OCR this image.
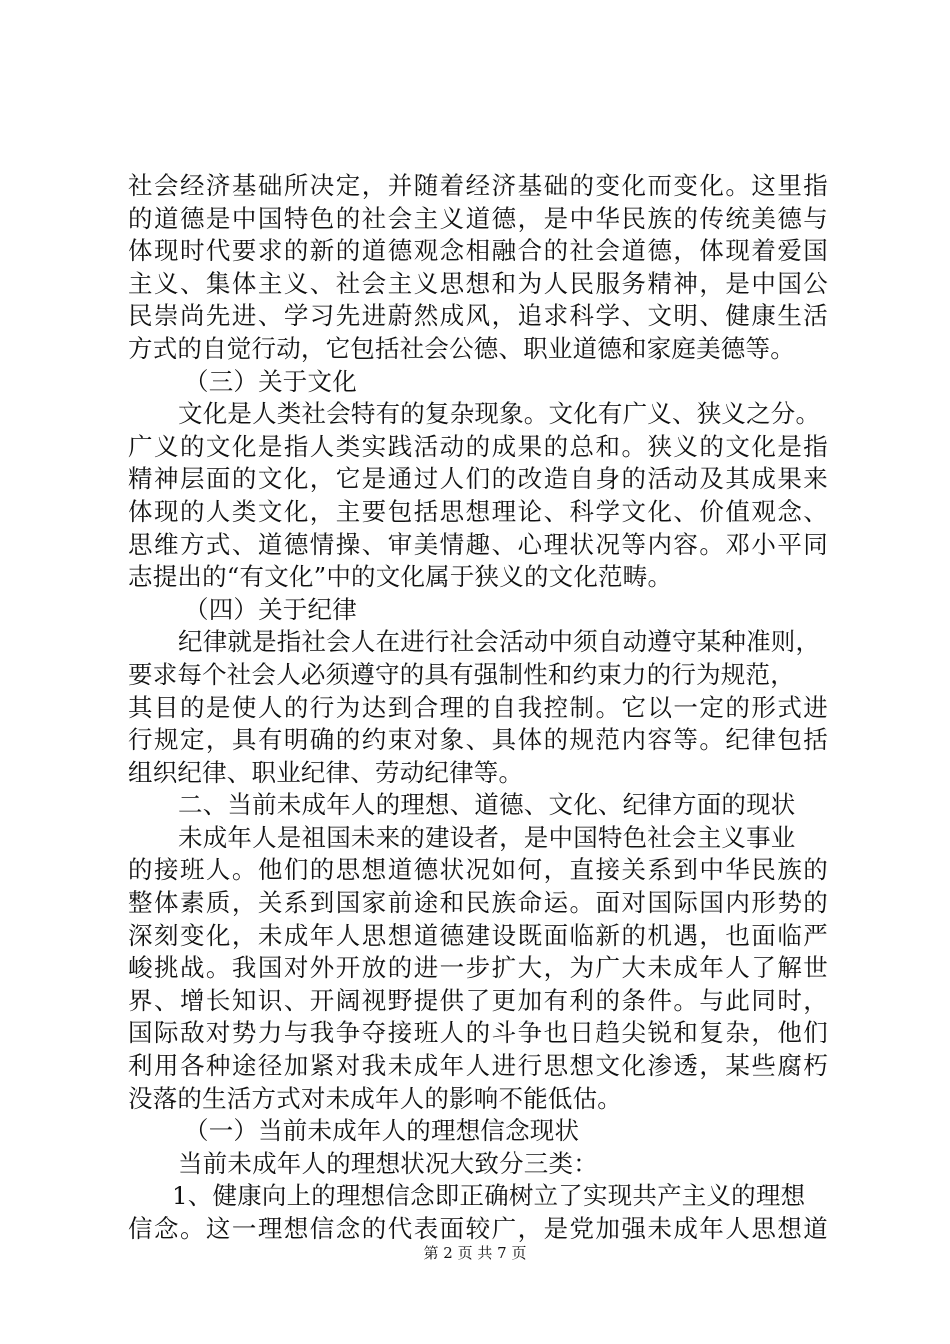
社会经济基础所决定，并随着经济基础的变化而变化。这里指
的道德是中国特色的社会主义道德，是中华民族的传统美德与
体现时代要求的新的道德观念相融合的社会道德，体现着爱国
主义、集体主义、社会主义思想和为人民服务精神，是中国公
民崇尚先进、学习先进蔚然成风，追求科学、文明、健康生活
方式的自觉行动，它包括社会公德、职业道德和家庭美德等。
（三）关于文化
文化是人类社会特有的复杂现象。文化有广义、狭义之分。
广义的文化是指人类实践活动的成果的总和。狭义的文化是指
精神层面的文化，它是通过人们的改造自身的活动及其成果来
体现的人类文化，主要包括思想理论、科学文化、价值观念、
思维方式、道德情操、审美情趣、心理状况等内容。邓小平同
志提出的“有文化”中的文化属于狭义的文化范畴。
（四）关于纪律
纪律就是指社会人在进行社会活动中须自动遵守某种准则，
要求每个社会人必须遵守的具有强制性和约束力的行为规范，
其目的是使人的行为达到合理的自我控制。它以一定的形式进
行规定，具有明确的约束对象、具体的规范内容等。纪律包括
组织纪律、职业纪律、劳动纪律等。
二、当前未成年人的理想、道德、文化、纪律方面的现状
未成年人是祖国未来的建设者，是中国特色社会主义事业
的接班人。他们的思想道德状况如何，直接关系到中华民族的
整体素质，关系到国家前途和民族命运。面对国际国内形势的
深刻变化，未成年人思想道德建设既面临新的机遇，也面临严
峻挑战。我国对外开放的进一步扩大，为广大未成年人了解世
界、增长知识、开阔视野提供了更加有利的条件。与此同时，
国际敌对势力与我争夺接班人的斗争也日趋尖锐和复杂，他们
利用各种途径加紧对我未成年人进行思想文化渗透，某些腐朽
没落的生活方式对未成年人的影响不能低估。
（一）当前未成年人的理想信念现状
当前未成年人的理想状况大致分三类：
1、健康向上的理想信念即正确树立了实现共产主义的理想
信念。这一理想信念的代表面较广，是党加强未成年人思想道
第 2 页 共 7 页
